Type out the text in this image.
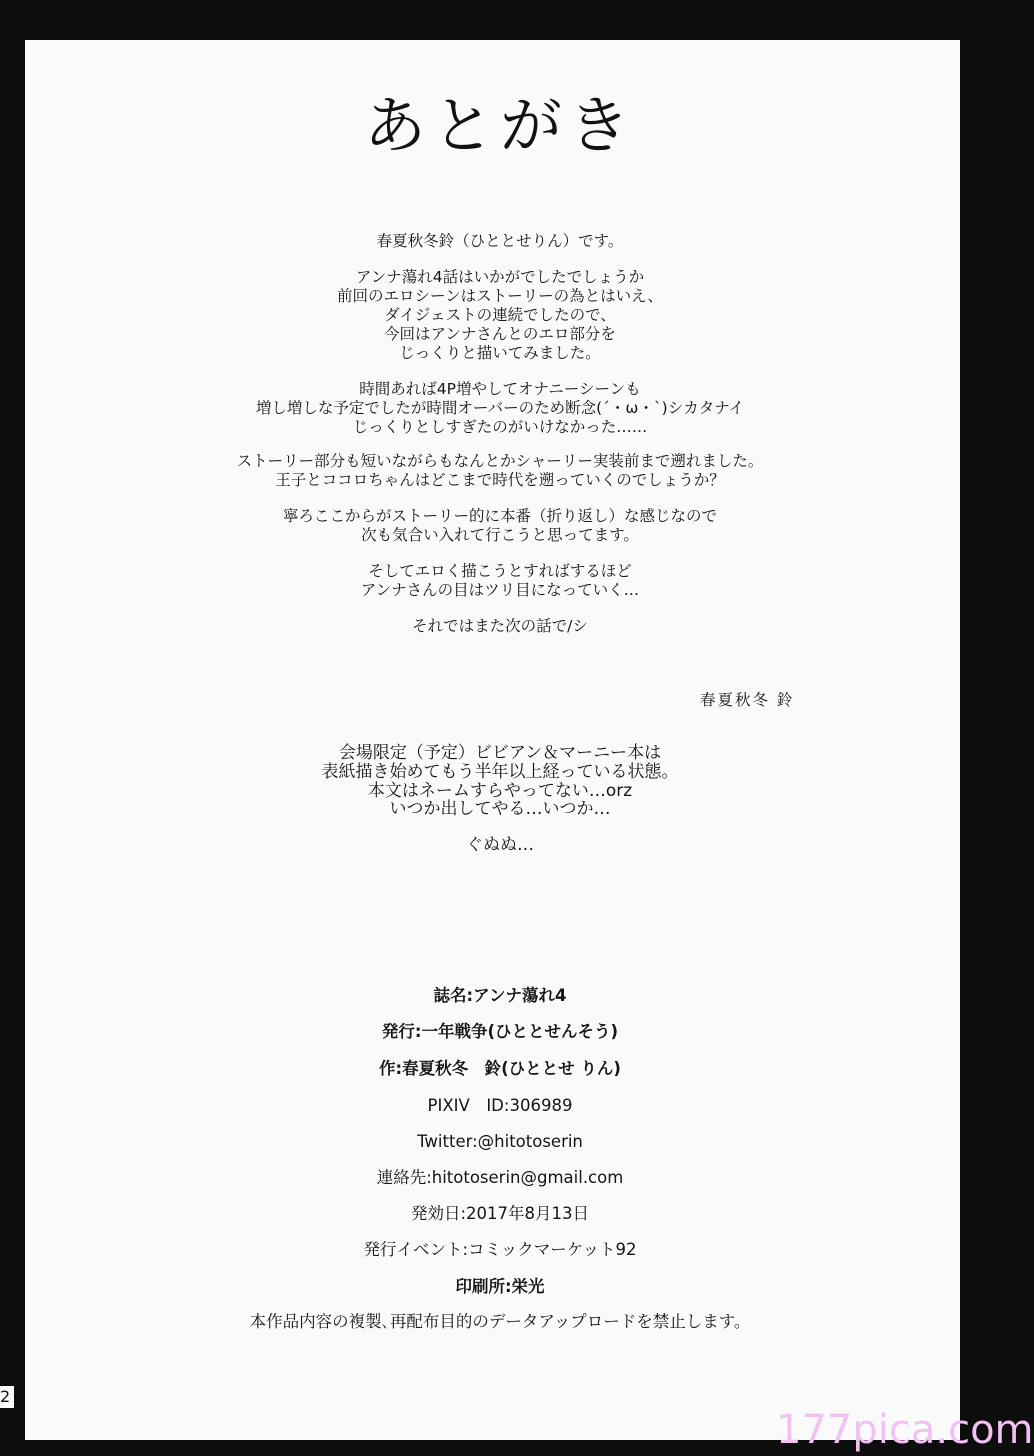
あとがき
春夏秋冬鈴（ひととせりん）です。
アンナ蕩れ4話はいかがでしたでしょうか
前回のエロシーンはストーリーの為とはいえ、
ダイジェストの連続でしたので、
今回はアンナさんとのエロ部分を
じっくりと描いてみました。
時間あれば4P増やしてオナニーシーンも
増し増しな予定でしたが時間オーバーのため断念(´・ω・`)シカタナイ
じっくりとしすぎたのがいけなかった……
ストーリー部分も短いながらもなんとかシャーリー実装前まで遡れました。
王子とココロちゃんはどこまで時代を遡っていくのでしょうか？
寧ろここからがストーリー的に本番（折り返し）な感じなので
次も気合い入れて行こうと思ってます。
そしてエロく描こうとすればするほど
アンナさんの目はツリ目になっていく…
それではまた次の話で/シ
春夏秋冬 鈴
会場限定（予定）ビビアン＆マーニー本は
表紙描き始めてもう半年以上経っている状態。
本文はネームすらやってない…orz
いつか出してやる…いつか…
ぐぬぬ…
誌名:アンナ蕩れ4
発行:一年戦争(ひととせんそう)
作:春夏秋冬　鈴(ひととせ りん)
PIXIV　ID:306989
Twitter:@hitotoserin
連絡先:hitotoserin@gmail.com
発効日:2017年8月13日
発行イベント:コミックマーケット92
印刷所:栄光
本作品内容の複製､再配布目的のデータアップロードを禁止します。
2
177pica.com
